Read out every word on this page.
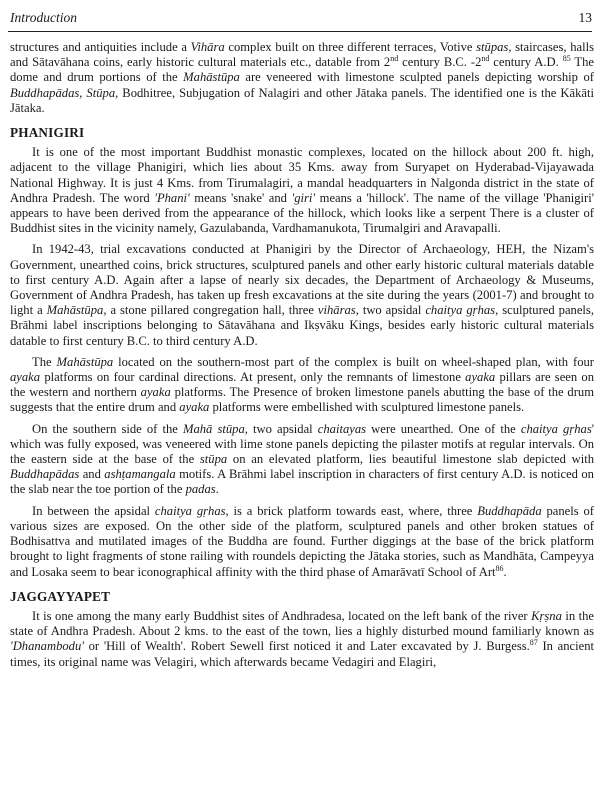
Introduction	13

structures and antiquities include a Vihāra complex built on three different terraces, Votive stūpas, staircases, halls and Sātavāhana coins, early historic cultural materials etc., datable from 2nd century B.C. -2nd century A.D. $^{85}$ The dome and drum portions of the Mahāstūpa are veneered with limestone sculpted panels depicting worship of Buddhapādas, Stūpa, Bodhitree, Subjugation of Nalagiri and other Jātaka panels. The identified one is the Kākāti Jātaka.

PHANIGIRI

It is one of the most important Buddhist monastic complexes, located on the hillock about 200 ft. high, adjacent to the village Phanigiri, which lies about 35 Kms. away from Suryapet on Hyderabad-Vijayawada National Highway. It is just 4 Kms. from Tirumalagiri, a mandal headquarters in Nalgonda district in the state of Andhra Pradesh. The word 'Phani' means 'snake' and 'giri' means a 'hillock'. The name of the village 'Phanigiri' appears to have been derived from the appearance of the hillock, which looks like a serpent There is a cluster of Buddhist sites in the vicinity namely, Gazulabanda, Vardhamanukota, Tirumalgiri and Aravapalli.

In 1942-43, trial excavations conducted at Phanigiri by the Director of Archaeology, HEH, the Nizam's Government, unearthed coins, brick structures, sculptured panels and other early historic cultural materials datable to first century A.D. Again after a lapse of nearly six decades, the Department of Archaeology & Museums, Government of Andhra Pradesh, has taken up fresh excavations at the site during the years (2001-7) and brought to light a Mahāstūpa, a stone pillared congregation hall, three vihāras, two apsidal chaitya gṛhas, sculptured panels, Brāhmi label inscriptions belonging to Sātavāhana and Ikṣvāku Kings, besides early historic cultural materials datable to first century B.C. to third century A.D.

The Mahāstūpa located on the southern-most part of the complex is built on wheel-shaped plan, with four ayaka platforms on four cardinal directions. At present, only the remnants of limestone ayaka pillars are seen on the western and northern ayaka platforms. The Presence of broken limestone panels abutting the base of the drum suggests that the entire drum and ayaka platforms were embellished with sculptured limestone panels.

On the southern side of the Mahā stūpa, two apsidal chaitayas were unearthed. One of the chaitya gṛhas' which was fully exposed, was veneered with lime stone panels depicting the pilaster motifs at regular intervals. On the eastern side at the base of the stūpa on an elevated platform, lies beautiful limestone slab depicted with Buddhapādas and ashṭamangala motifs. A Brāhmi label inscription in characters of first century A.D. is noticed on the slab near the toe portion of the padas.

In between the apsidal chaitya gṛhas, is a brick platform towards east, where, three Buddhapāda panels of various sizes are exposed. On the other side of the platform, sculptured panels and other broken statues of Bodhisattva and mutilated images of the Buddha are found. Further diggings at the base of the brick platform brought to light fragments of stone railing with roundels depicting the Jātaka stories, such as Mandhāta, Campeyya and Losaka seem to bear iconographical affinity with the third phase of Amarāvatī School of Art$^{86}$.

JAGGAYYAPET

It is one among the many early Buddhist sites of Andhradesa, located on the left bank of the river Kṛṣna in the state of Andhra Pradesh. About 2 kms. to the east of the town, lies a highly disturbed mound familiarly known as 'Dhanambodu' or 'Hill of Wealth'. Robert Sewell first noticed it and Later excavated by J. Burgess.$^{87}$ In ancient times, its original name was Velagiri, which afterwards became Vedagiri and Elagiri,
